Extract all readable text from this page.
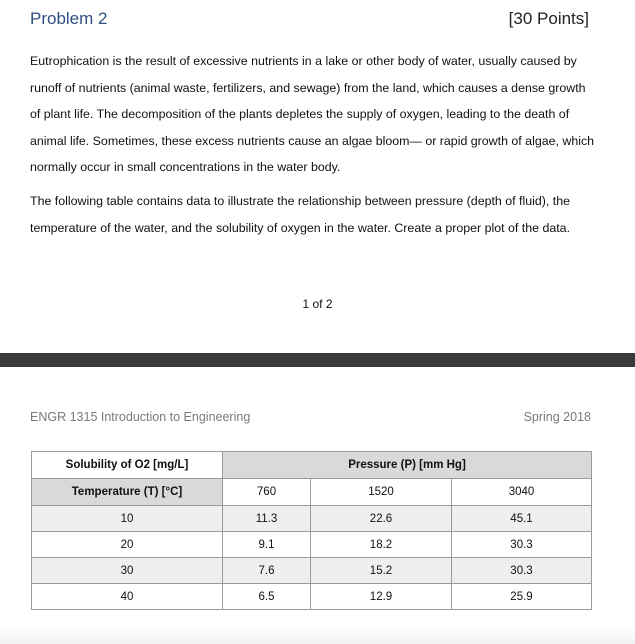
Problem 2	[30 Points]
Eutrophication is the result of excessive nutrients in a lake or other body of water, usually caused by runoff of nutrients (animal waste, fertilizers, and sewage) from the land, which causes a dense growth of plant life. The decomposition of the plants depletes the supply of oxygen, leading to the death of animal life. Sometimes, these excess nutrients cause an algae bloom— or rapid growth of algae, which normally occur in small concentrations in the water body.
The following table contains data to illustrate the relationship between pressure (depth of fluid), the temperature of the water, and the solubility of oxygen in the water. Create a proper plot of the data.
1 of 2
ENGR 1315 Introduction to Engineering	Spring 2018
Solubility of O2 [mg/L]	Pressure (P) [mm Hg]		
Temperature (T) [°C]	760	1520	3040
10	11.3	22.6	45.1
20	9.1	18.2	30.3
30	7.6	15.2	30.3
40	6.5	12.9	25.9
